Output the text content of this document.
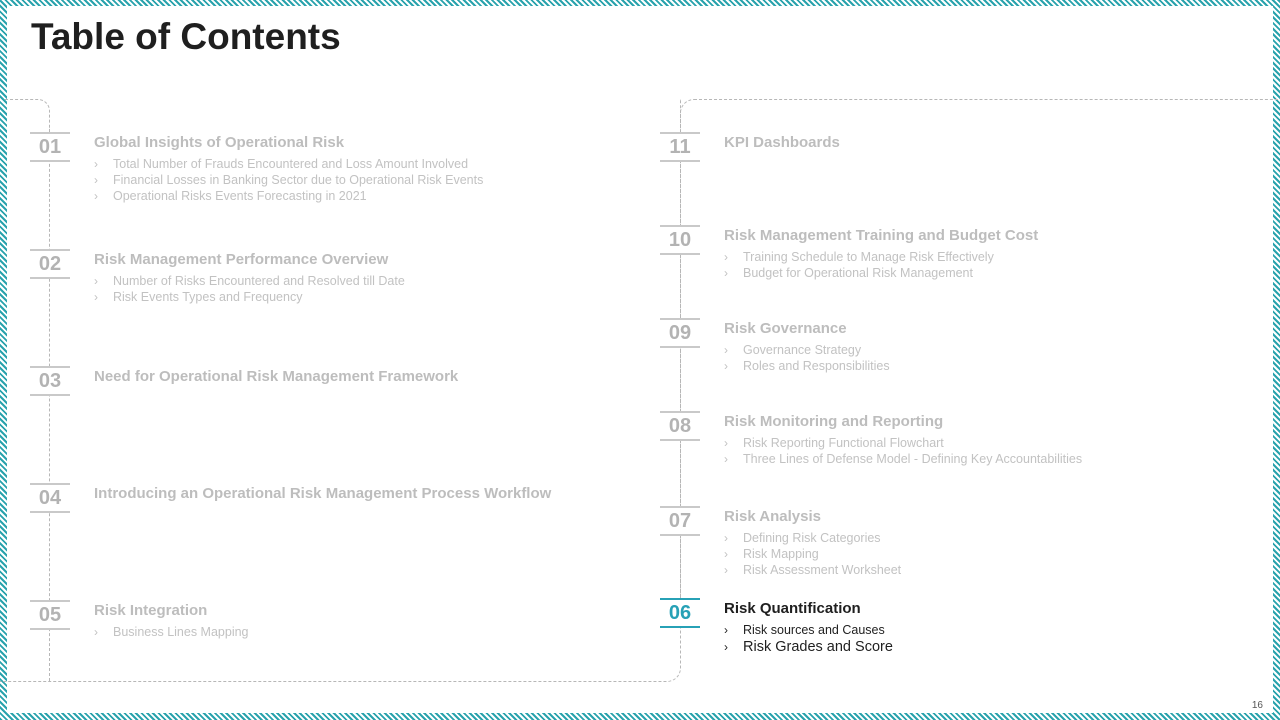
Table of Contents
01	Global Insights of Operational Risk
› Total Number of Frauds Encountered and Loss Amount Involved
› Financial Losses in Banking Sector due to Operational Risk Events
› Operational Risks Events Forecasting in 2021
02	Risk Management Performance Overview
› Number of Risks Encountered and Resolved till Date
› Risk Events Types and Frequency
03	Need for Operational Risk Management Framework
04	Introducing an Operational Risk Management Process Workflow
05	Risk Integration
› Business Lines Mapping
11	KPI Dashboards
10	Risk Management Training and Budget Cost
› Training Schedule to Manage Risk Effectively
› Budget for Operational Risk Management
09	Risk Governance
› Governance Strategy
› Roles and Responsibilities
08	Risk Monitoring and Reporting
› Risk Reporting Functional Flowchart
› Three Lines of Defense Model - Defining Key Accountabilities
07	Risk Analysis
› Defining Risk Categories
› Risk Mapping
› Risk Assessment Worksheet
06	Risk Quantification
› Risk sources and Causes
› Risk Grades and Score
16
